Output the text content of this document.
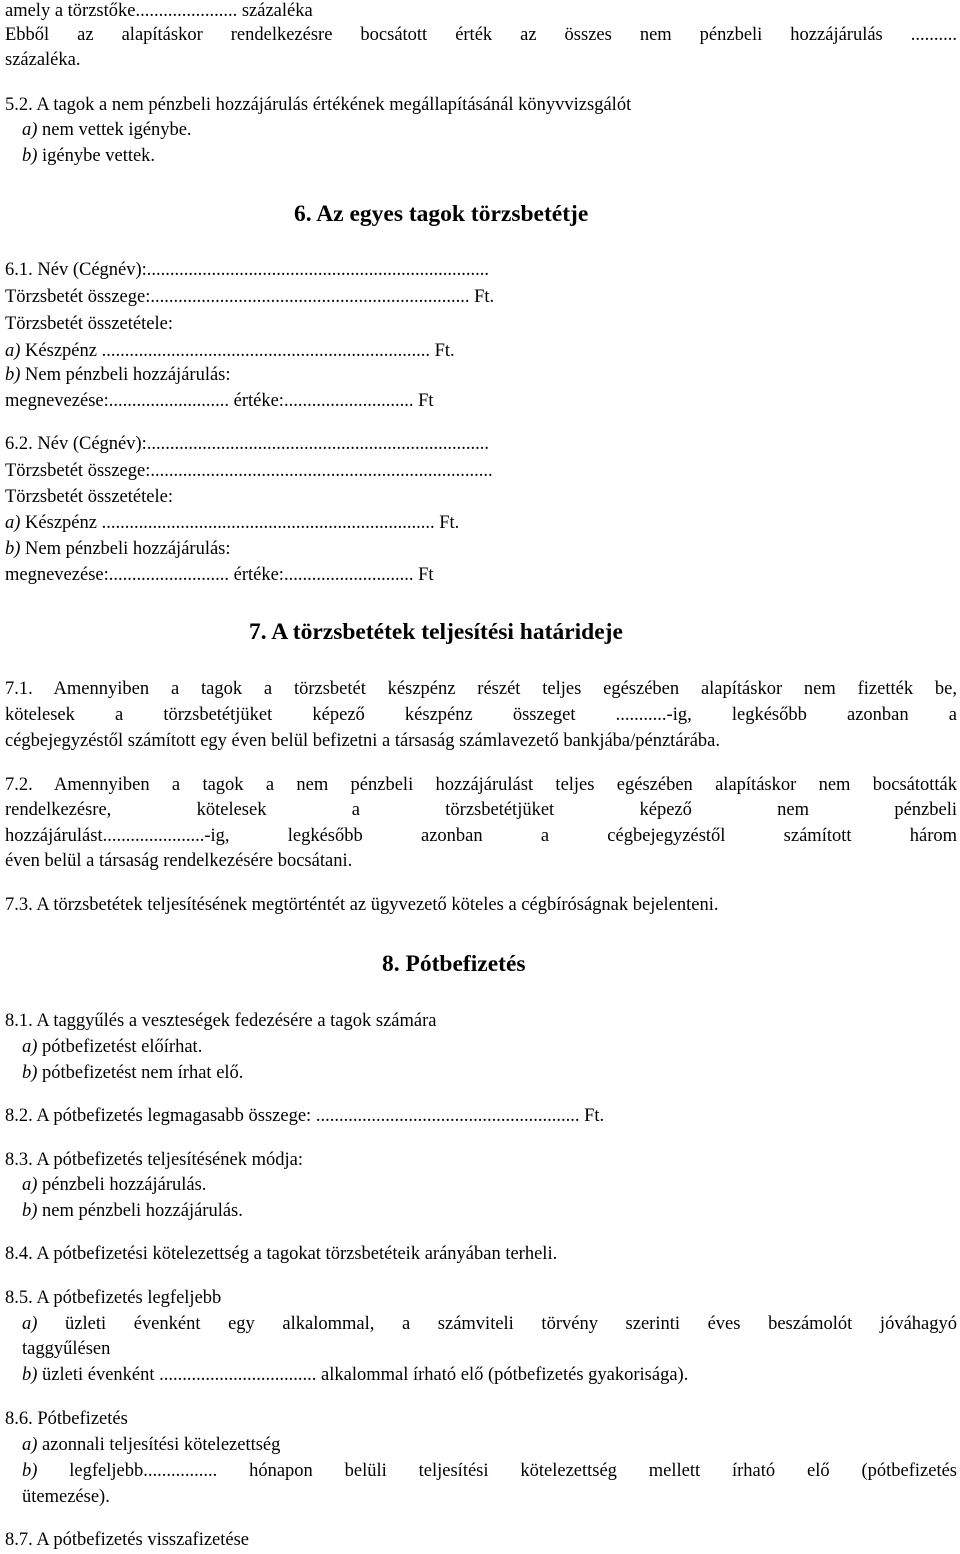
amely a törzstőke...................... százaléka
Ebből az alapításkor rendelkezésre bocsátott érték az összes nem pénzbeli hozzájárulás ..........
százaléka.
5.2. A tagok a nem pénzbeli hozzájárulás értékének megállapításánál könyvvizsgálót
a) nem vettek igénybe.
b) igénybe vettek.
6. Az egyes tagok törzsbetétje
6.1. Név (Cégnév):..........................................................................
Törzsbetét összege:..................................................................... Ft.
Törzsbetét összetétele:
a) Készpénz ....................................................................... Ft.
b) Nem pénzbeli hozzájárulás:
megnevezése:.......................... értéke:............................ Ft
6.2. Név (Cégnév):..........................................................................
Törzsbetét összege:..........................................................................
Törzsbetét összetétele:
a) Készpénz ........................................................................ Ft.
b) Nem pénzbeli hozzájárulás:
megnevezése:.......................... értéke:............................ Ft
7. A törzsbetétek teljesítési határideje
7.1. Amennyiben a tagok a törzsbetét készpénz részét teljes egészében alapításkor nem fizették be,
kötelesek a törzsbetétjüket képező készpénz összeget ...........-ig, legkésőbb azonban a
cégbejegyzéstől számított egy éven belül befizetni a társaság számlavezető bankjába/pénztárába.
7.2. Amennyiben a tagok a nem pénzbeli hozzájárulást teljes egészében alapításkor nem bocsátották
rendelkezésre, kötelesek a törzsbetétjüket képező nem pénzbeli
hozzájárulást......................-ig, legkésőbb azonban a cégbejegyzéstől számított három
éven belül a társaság rendelkezésére bocsátani.
7.3. A törzsbetétek teljesítésének megtörténtét az ügyvezető köteles a cégbíróságnak bejelenteni.
8. Pótbefizetés
8.1. A taggyűlés a veszteségek fedezésére a tagok számára
a) pótbefizetést előírhat.
b) pótbefizetést nem írhat elő.
8.2. A pótbefizetés legmagasabb összege: ......................................................... Ft.
8.3. A pótbefizetés teljesítésének módja:
a) pénzbeli hozzájárulás.
b) nem pénzbeli hozzájárulás.
8.4. A pótbefizetési kötelezettség a tagokat törzsbetéteik arányában terheli.
8.5. A pótbefizetés legfeljebb
a) üzleti évenként egy alkalommal, a számviteli törvény szerinti éves beszámolót jóváhagyó
taggyűlésen
b) üzleti évenként .................................. alkalommal írható elő (pótbefizetés gyakorisága).
8.6. Pótbefizetés
a) azonnali teljesítési kötelezettség
b) legfeljebb................ hónapon belüli teljesítési kötelezettség mellett írható elő (pótbefizetés
ütemezése).
8.7. A pótbefizetés visszafizetése
